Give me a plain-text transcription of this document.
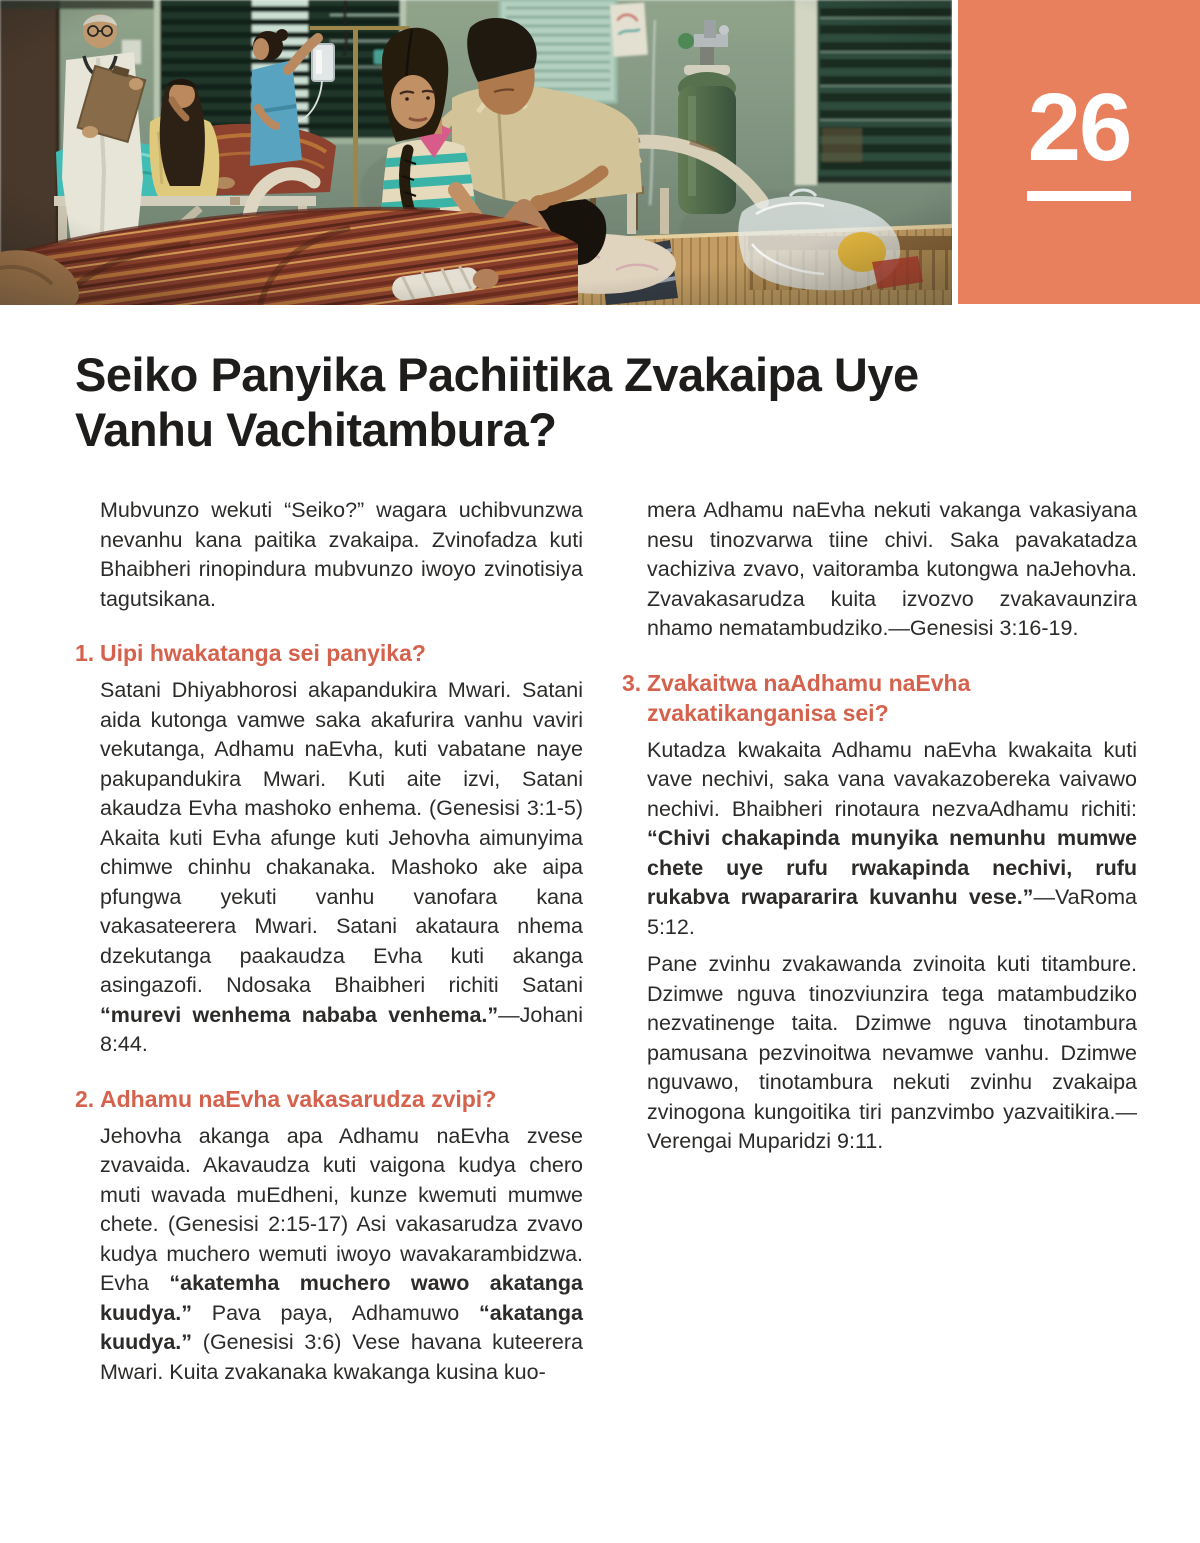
26
Seiko Panyika Pachiitika Zvakaipa Uye
Vanhu Vachitambura?

Mubvunzo wekuti “Seiko?” wagara uchibvunzwa nevanhu kana paitika zvakaipa. Zvinofadza kuti Bhaibheri rinopindura mubvunzo iwoyo zvinotisiya tagutsikana.

1. Uipi hwakatanga sei panyika?

Satani Dhiyabhorosi akapandukira Mwari. Satani aida kutonga vamwe saka akafurira vanhu vaviri vekutanga, Adhamu naEvha, kuti vabatane naye pakupandukira Mwari. Kuti aite izvi, Satani akaudza Evha mashoko enhema. (Genesisi 3:1-5) Akaita kuti Evha afunge kuti Jehovha aimunyima chimwe chinhu chakanaka. Mashoko ake aipa pfungwa yekuti vanhu vanofara kana vakasateerera Mwari. Satani akataura nhema dzekutanga paakaudza Evha kuti akanga asingazofi. Ndosaka Bhaibheri richiti Satani “murevi wenhema nababa venhema.”—Johani 8:44.

2. Adhamu naEvha vakasarudza zvipi?

Jehovha akanga apa Adhamu naEvha zvese zvavaida. Akavaudza kuti vaigona kudya chero muti wavada muEdheni, kunze kwemuti mumwe chete. (Genesisi 2:15-17) Asi vakasarudza zvavo kudya muchero wemuti iwoyo wavakarambidzwa. Evha “akatemha muchero wawo akatanga kuudya.” Pava paya, Adhamuwo “akatanga kuudya.” (Genesisi 3:6) Vese havana kuteerera Mwari. Kuita zvakanaka kwakanga kusina kuo-

mera Adhamu naEvha nekuti vakanga vakasiyana nesu tinozvarwa tiine chivi. Saka pavakatadza vachiziva zvavo, vaitoramba kutongwa naJehovha. Zvavakasarudza kuita izvozvo zvakavaunzira nhamo nematambudziko.—Genesisi 3:16-19.

3. Zvakaitwa naAdhamu naEvha zvakatikanganisa sei?

Kutadza kwakaita Adhamu naEvha kwakaita kuti vave nechivi, saka vana vavakazobereka vaivawo nechivi. Bhaibheri rinotaura nezvaAdhamu richiti: “Chivi chakapinda munyika nemunhu mumwe chete uye rufu rwakapinda nechivi, rufu rukabva rwapararira kuvanhu vese.”—VaRoma 5:12.

Pane zvinhu zvakawanda zvinoita kuti titambure. Dzimwe nguva tinozviunzira tega matambudziko nezvatinenge taita. Dzimwe nguva tinotambura pamusana pezvinoitwa nevamwe vanhu. Dzimwe nguvawo, tinotambura nekuti zvinhu zvakaipa zvinogona kungoitika tiri panzvimbo yazvaitikira.—Verengai Muparidzi 9:11.
